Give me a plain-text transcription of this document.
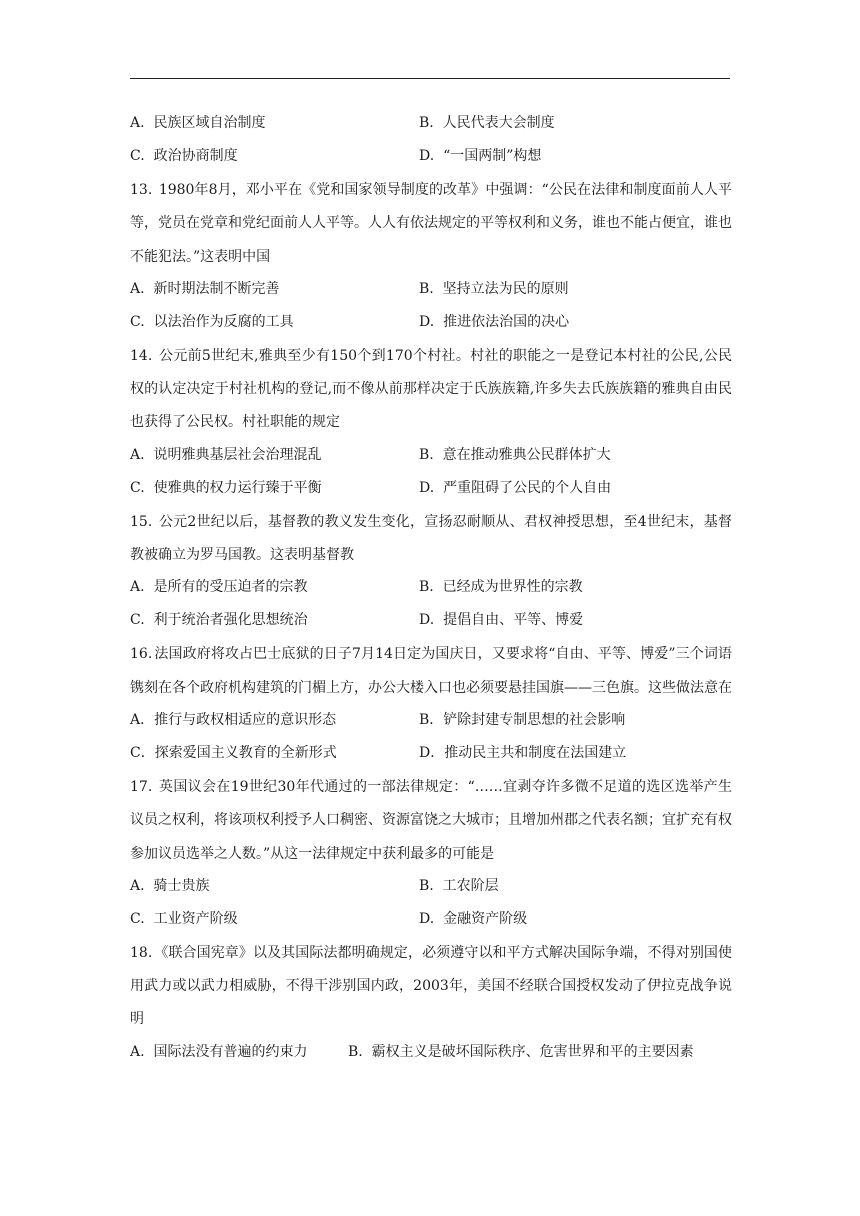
A. 民族区域自治制度	B. 人民代表大会制度
C. 政治协商制度	D. “一国两制”构想
13. 1980年8月，邓小平在《党和国家领导制度的改革》中强调：“公民在法律和制度面前人人平等，党员在党章和党纪面前人人平等。人人有依法规定的平等权利和义务，谁也不能占便宜，谁也不能犯法。”这表明中国
A. 新时期法制不断完善	B. 坚持立法为民的原则
C. 以法治作为反腐的工具	D. 推进依法治国的决心
14. 公元前5世纪末,雅典至少有150个到170个村社。村社的职能之一是登记本村社的公民,公民权的认定决定于村社机构的登记,而不像从前那样决定于氏族族籍,许多失去氏族族籍的雅典自由民也获得了公民权。村社职能的规定
A. 说明雅典基层社会治理混乱	B. 意在推动雅典公民群体扩大
C. 使雅典的权力运行臻于平衡	D. 严重阻碍了公民的个人自由
15. 公元2世纪以后，基督教的教义发生变化，宣扬忍耐顺从、君权神授思想，至4世纪末，基督教被确立为罗马国教。这表明基督教
A. 是所有的受压迫者的宗教	B. 已经成为世界性的宗教
C. 利于统治者强化思想统治	D. 提倡自由、平等、博爱
16. 法国政府将攻占巴士底狱的日子7月14日定为国庆日，又要求将“自由、平等、博爱”三个词语镌刻在各个政府机构建筑的门楣上方，办公大楼入口也必须要悬挂国旗——三色旗。这些做法意在
A．推行与政权相适应的意识形态	B．铲除封建专制思想的社会影响
C．探索爱国主义教育的全新形式	D．推动民主共和制度在法国建立
17. 英国议会在19世纪30年代通过的一部法律规定：“……宜剥夺许多微不足道的选区选举产生议员之权利，将该项权利授予人口稠密、资源富饶之大城市；且增加州郡之代表名额；宜扩充有权参加议员选举之人数。”从这一法律规定中获利最多的可能是
A. 骑士贵族	B. 工农阶层
C. 工业资产阶级	D. 金融资产阶级
18. 《联合国宪章》以及其国际法都明确规定，必须遵守以和平方式解决国际争端，不得对别国使用武力或以武力相威胁，不得干涉别国内政，2003年，美国不经联合国授权发动了伊拉克战争说明
A. 国际法没有普遍的约束力	B. 霸权主义是破坏国际秩序、危害世界和平的主要因素
